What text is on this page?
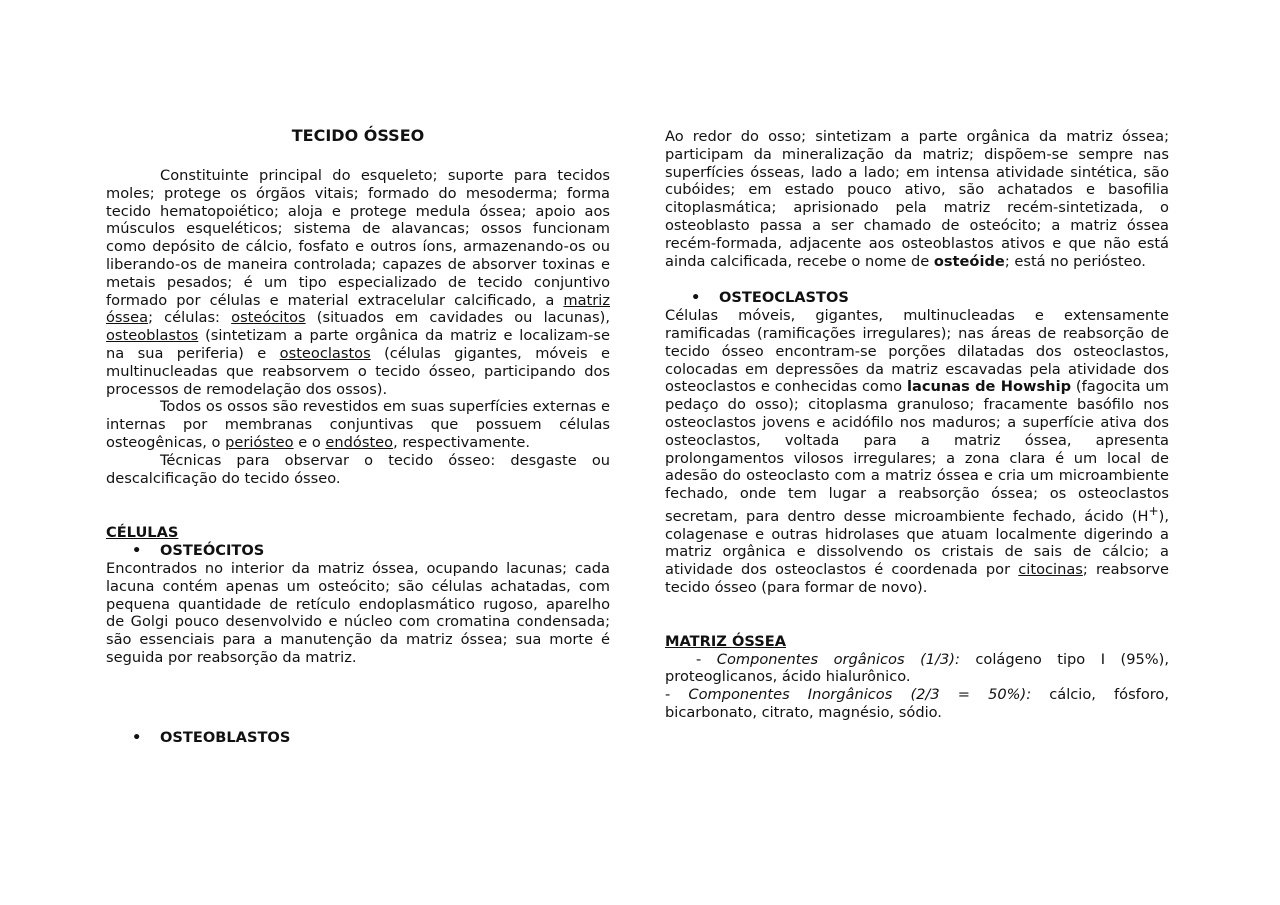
TECIDO ÓSSEO

Constituinte principal do esqueleto; suporte para tecidos moles; protege os órgãos vitais; formado do mesoderma; forma tecido hematopoiético; aloja e protege medula óssea; apoio aos músculos esqueléticos; sistema de alavancas; ossos funcionam como depósito de cálcio, fosfato e outros íons, armazenando-os ou liberando-os de maneira controlada; capazes de absorver toxinas e metais pesados; é um tipo especializado de tecido conjuntivo formado por células e material extracelular calcificado, a matriz óssea; células: osteócitos (situados em cavidades ou lacunas), osteoblastos (sintetizam a parte orgânica da matriz e localizam-se na sua periferia) e osteoclastos (células gigantes, móveis e multinucleadas que reabsorvem o tecido ósseo, participando dos processos de remodelação dos ossos).

Todos os ossos são revestidos em suas superfícies externas e internas por membranas conjuntivas que possuem células osteogênicas, o periósteo e o endósteo, respectivamente.

Técnicas para observar o tecido ósseo: desgaste ou descalcificação do tecido ósseo.

CÉLULAS
• OSTEÓCITOS

Encontrados no interior da matriz óssea, ocupando lacunas; cada lacuna contém apenas um osteócito; são células achatadas, com pequena quantidade de retículo endoplasmático rugoso, aparelho de Golgi pouco desenvolvido e núcleo com cromatina condensada; são essenciais para a manutenção da matriz óssea; sua morte é seguida por reabsorção da matriz.

• OSTEOBLASTOS

Ao redor do osso; sintetizam a parte orgânica da matriz óssea; participam da mineralização da matriz; dispõem-se sempre nas superfícies ósseas, lado a lado; em intensa atividade sintética, são cubóides; em estado pouco ativo, são achatados e basofilia citoplasmática; aprisionado pela matriz recém-sintetizada, o osteoblasto passa a ser chamado de osteócito; a matriz óssea recém-formada, adjacente aos osteoblastos ativos e que não está ainda calcificada, recebe o nome de osteóide; está no periósteo.

• OSTEOCLASTOS

Células móveis, gigantes, multinucleadas e extensamente ramificadas (ramificações irregulares); nas áreas de reabsorção de tecido ósseo encontram-se porções dilatadas dos osteoclastos, colocadas em depressões da matriz escavadas pela atividade dos osteoclastos e conhecidas como lacunas de Howship (fagocita um pedaço do osso); citoplasma granuloso; fracamente basófilo nos osteoclastos jovens e acidófilo nos maduros; a superfície ativa dos osteoclastos, voltada para a matriz óssea, apresenta prolongamentos vilosos irregulares; a zona clara é um local de adesão do osteoclasto com a matriz óssea e cria um microambiente fechado, onde tem lugar a reabsorção óssea; os osteoclastos secretam, para dentro desse microambiente fechado, ácido (H+), colagenase e outras hidrolases que atuam localmente digerindo a matriz orgânica e dissolvendo os cristais de sais de cálcio; a atividade dos osteoclastos é coordenada por citocinas; reabsorve tecido ósseo (para formar de novo).

MATRIZ ÓSSEA

- Componentes orgânicos (1/3): colágeno tipo I (95%), proteoglicanos, ácido hialurônico.

- Componentes Inorgânicos (2/3 = 50%): cálcio, fósforo, bicarbonato, citrato, magnésio, sódio.
